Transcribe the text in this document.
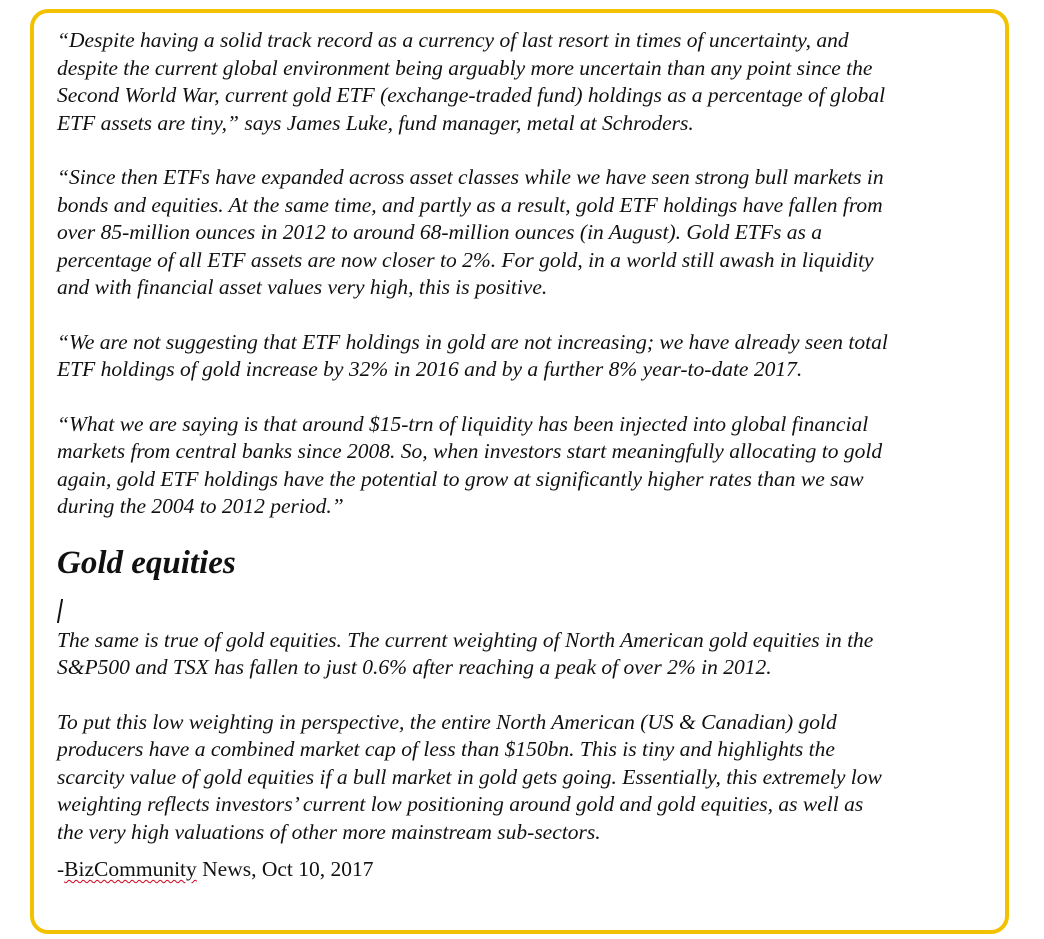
“Despite having a solid track record as a currency of last resort in times of uncertainty, and
despite the current global environment being arguably more uncertain than any point since the
Second World War, current gold ETF (exchange-traded fund) holdings as a percentage of global
ETF assets are tiny,” says James Luke, fund manager, metal at Schroders.

“Since then ETFs have expanded across asset classes while we have seen strong bull markets in
bonds and equities. At the same time, and partly as a result, gold ETF holdings have fallen from
over 85-million ounces in 2012 to around 68-million ounces (in August). Gold ETFs as a
percentage of all ETF assets are now closer to 2%. For gold, in a world still awash in liquidity
and with financial asset values very high, this is positive.

“We are not suggesting that ETF holdings in gold are not increasing; we have already seen total
ETF holdings of gold increase by 32% in 2016 and by a further 8% year-to-date 2017.

“What we are saying is that around $15-trn of liquidity has been injected into global financial
markets from central banks since 2008. So, when investors start meaningfully allocating to gold
again, gold ETF holdings have the potential to grow at significantly higher rates than we saw
during the 2004 to 2012 period.”

Gold equities

The same is true of gold equities. The current weighting of North American gold equities in the
S&P500 and TSX has fallen to just 0.6% after reaching a peak of over 2% in 2012.

To put this low weighting in perspective, the entire North American (US & Canadian) gold
producers have a combined market cap of less than $150bn. This is tiny and highlights the
scarcity value of gold equities if a bull market in gold gets going. Essentially, this extremely low
weighting reflects investors’ current low positioning around gold and gold equities, as well as
the very high valuations of other more mainstream sub-sectors.

-BizCommunity News, Oct 10, 2017
